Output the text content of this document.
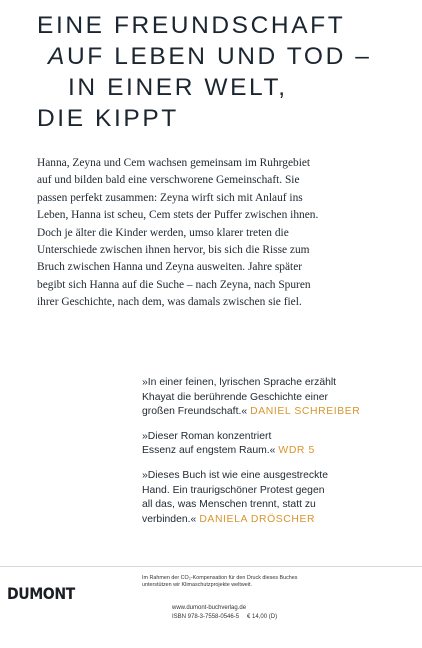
EINE FREUNDSCHAFT
AUF LEBEN UND TOD –
IN EINER WELT,
DIE KIPPT

Hanna, Zeyna und Cem wachsen gemeinsam im Ruhrgebiet
auf und bilden bald eine verschworene Gemeinschaft. Sie
passen perfekt zusammen: Zeyna wirft sich mit Anlauf ins
Leben, Hanna ist scheu, Cem stets der Puffer zwischen ihnen.
Doch je älter die Kinder werden, umso klarer treten die
Unterschiede zwischen ihnen hervor, bis sich die Risse zum
Bruch zwischen Hanna und Zeyna ausweiten. Jahre später
begibt sich Hanna auf die Suche – nach Zeyna, nach Spuren
ihrer Geschichte, nach dem, was damals zwischen sie fiel.

»In einer feinen, lyrischen Sprache erzählt
Khayat die berührende Geschichte einer
großen Freundschaft.« DANIEL SCHREIBER
»Dieser Roman konzentriert
Essenz auf engstem Raum.« WDR 5
»Dieses Buch ist wie eine ausgestreckte
Hand. Ein traurigschöner Protest gegen
all das, was Menschen trennt, statt zu
verbinden.« DANIELA DRÖSCHER
DUMONT
Im Rahmen der CO₂-Kompensation für den Druck dieses Buches
unterstützen wir Klimaschutzprojekte weltweit.
www.dumont-buchverlag.de
ISBN 978-3-7558-0546-5 € 14,00 (D)
